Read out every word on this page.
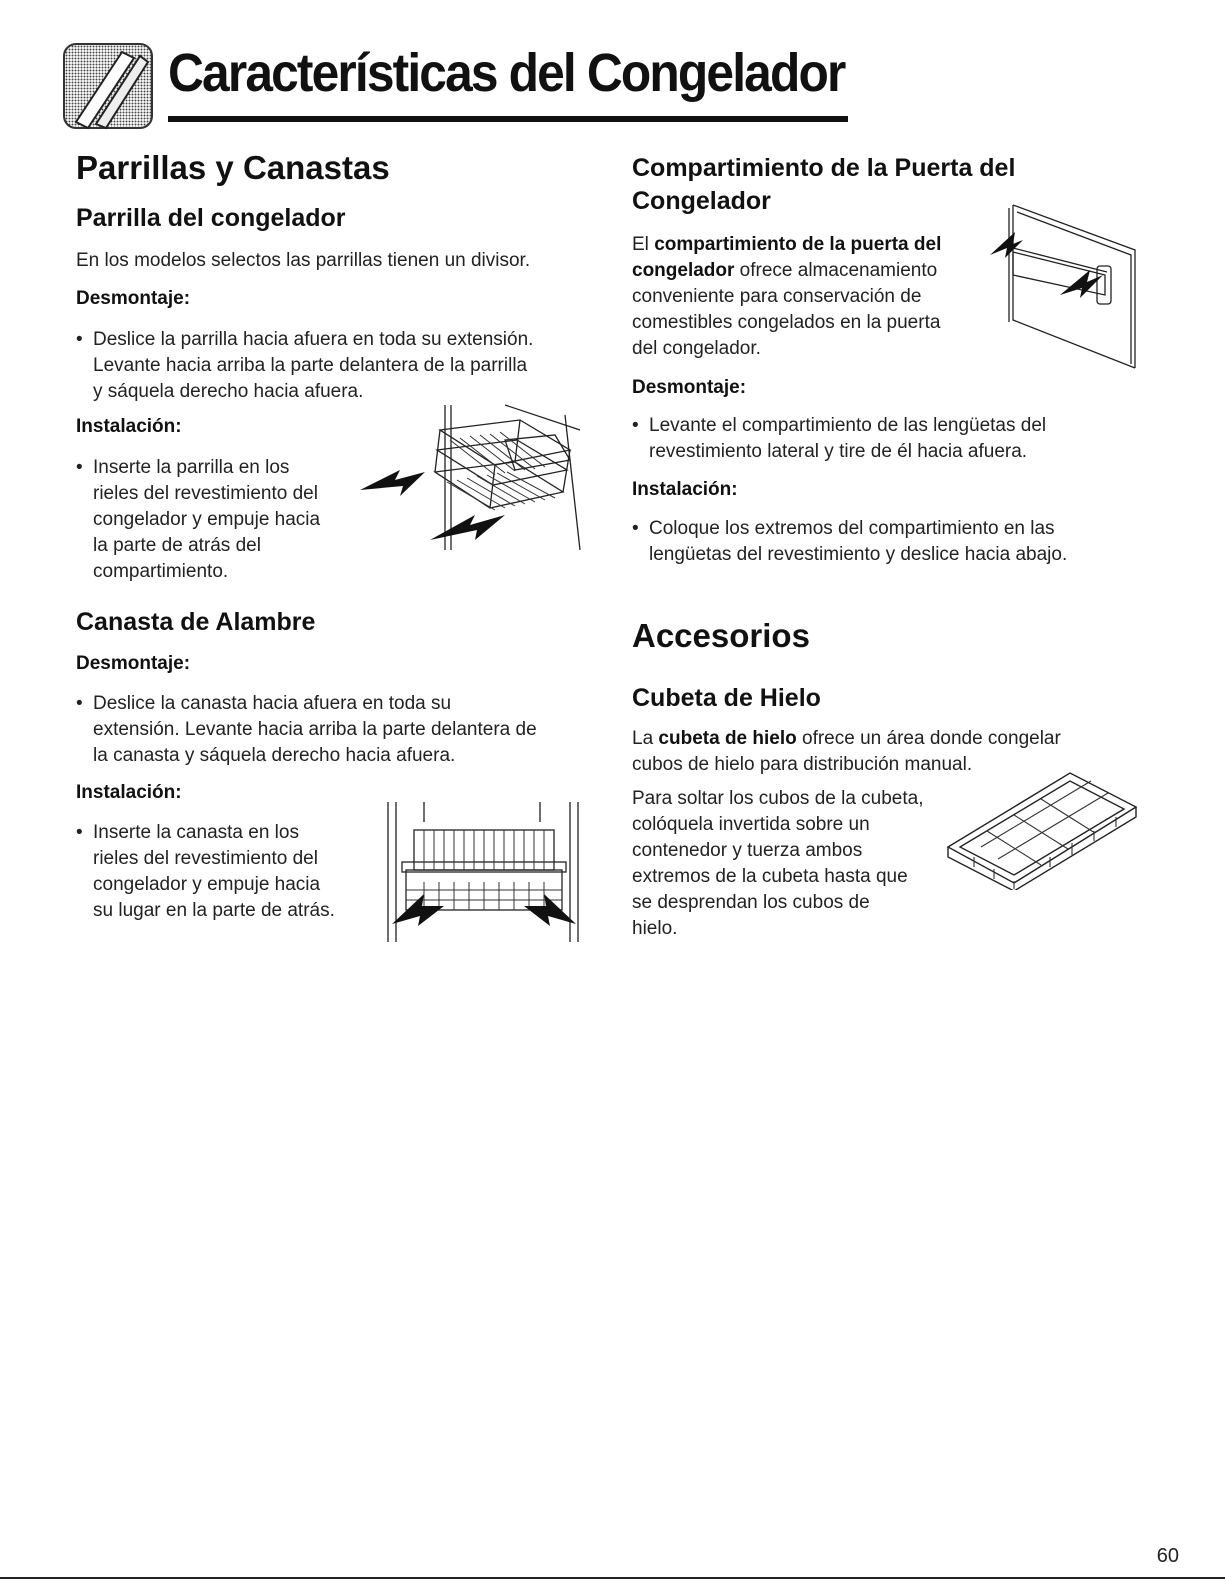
Características del Congelador
Parrillas y Canastas
Parrilla del congelador
En los modelos selectos las parrillas tienen un divisor.
Desmontaje:
• Deslice la parrilla hacia afuera en toda su extensión.
Levante hacia arriba la parte delantera de la parrilla
y sáquela derecho hacia afuera.
Instalación:
• Inserte la parrilla en los
rieles del revestimiento del
congelador y empuje hacia
la parte de atrás del
compartimiento.
Canasta de Alambre
Desmontaje:
• Deslice la canasta hacia afuera en toda su
extensión. Levante hacia arriba la parte delantera de
la canasta y sáquela derecho hacia afuera.
Instalación:
• Inserte la canasta en los
rieles del revestimiento del
congelador y empuje hacia
su lugar en la parte de atrás.
Compartimiento de la Puerta del
Congelador
El compartimiento de la puerta del
congelador ofrece almacenamiento
conveniente para conservación de
comestibles congelados en la puerta
del congelador.
Desmontaje:
• Levante el compartimiento de las lengüetas del
revestimiento lateral y tire de él hacia afuera.
Instalación:
• Coloque los extremos del compartimiento en las
lengüetas del revestimiento y deslice hacia abajo.
Accesorios
Cubeta de Hielo
La cubeta de hielo ofrece un área donde congelar
cubos de hielo para distribución manual.
Para soltar los cubos de la cubeta,
colóquela invertida sobre un
contenedor y tuerza ambos
extremos de la cubeta hasta que
se desprendan los cubos de
hielo.
60
